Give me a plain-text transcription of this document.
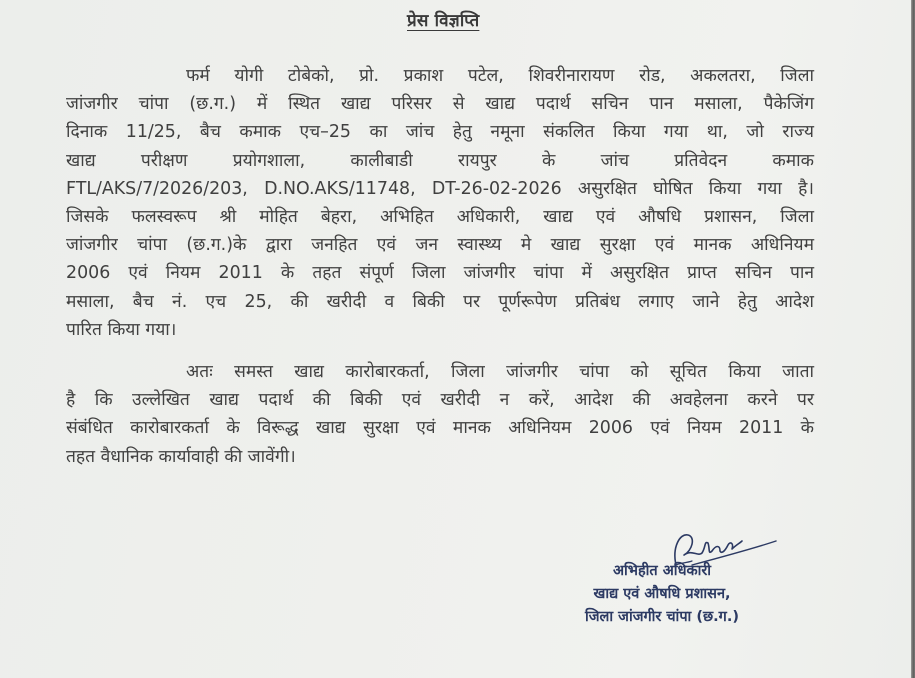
प्रेस विज्ञप्ति
फर्म योगी टोबेको, प्रो. प्रकाश पटेल, शिवरीनारायण रोड, अकलतरा, जिला
जांजगीर चांपा (छ.ग.) में स्थित खाद्य परिसर से खाद्य पदार्थ सचिन पान मसाला, पैकेजिंग
दिनाक 11/25, बैच कमाक एच–25 का जांच हेतु नमूना संकलित किया गया था, जो राज्य
खाद्य परीक्षण प्रयोगशाला, कालीबाडी रायपुर के जांच प्रतिवेदन कमाक
FTL/AKS/7/2026/203, D.NO.AKS/11748, DT-26-02-2026 असुरक्षित घोषित किया गया है।
जिसके फलस्वरूप श्री मोहित बेहरा, अभिहित अधिकारी, खाद्य एवं औषधि प्रशासन, जिला
जांजगीर चांपा (छ.ग.)के द्वारा जनहित एवं जन स्वास्थ्य मे खाद्य सुरक्षा एवं मानक अधिनियम
2006 एवं नियम 2011 के तहत संपूर्ण जिला जांजगीर चांपा में असुरक्षित प्राप्त सचिन पान
मसाला, बैच नं. एच 25, की खरीदी व बिकी पर पूर्णरूपेण प्रतिबंध लगाए जाने हेतु आदेश
पारित किया गया।
अतः समस्त खाद्य कारोबारकर्ता, जिला जांजगीर चांपा को सूचित किया जाता
है कि उल्लेखित खाद्य पदार्थ की बिकी एवं खरीदी न करें, आदेश की अवहेलना करने पर
संबंधित कारोबारकर्ता के विरूद्ध खाद्य सुरक्षा एवं मानक अधिनियम 2006 एवं नियम 2011 के
तहत वैधानिक कार्यावाही की जावेंगी।
अभिहीत अधिकारी
खाद्य एवं औषधि प्रशासन,
जिला जांजगीर चांपा (छ.ग.)
